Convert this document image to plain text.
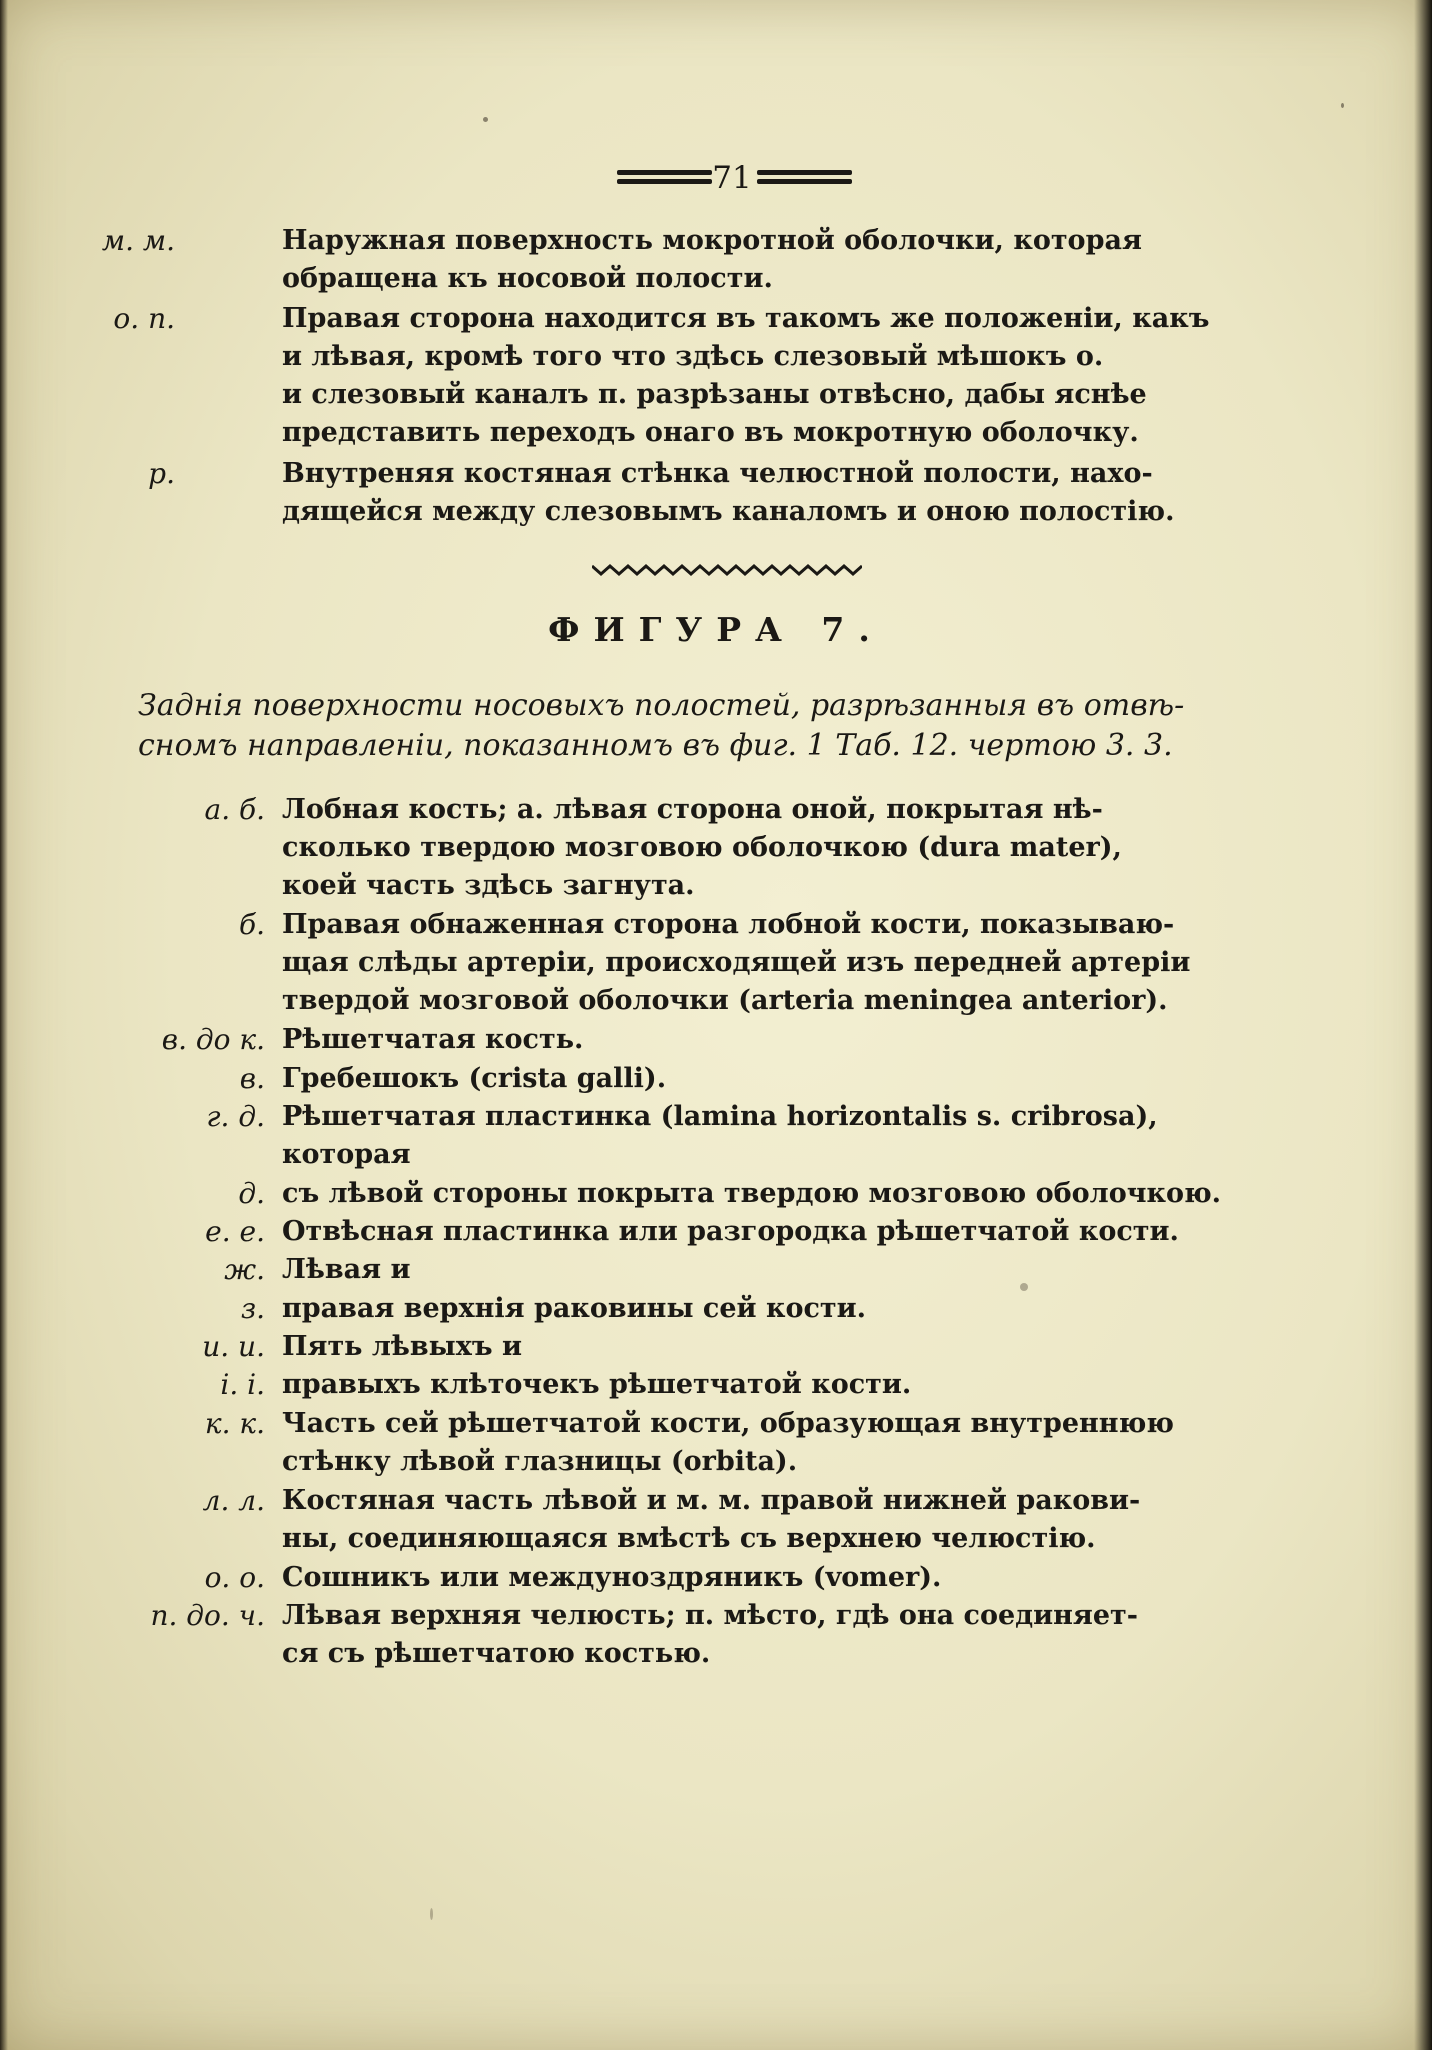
71
м. м.	Наружная поверхность мокротной оболочки, которая
обращена къ носовой полости.
о. п.	Правая сторона находится въ такомъ же положенiи, какъ
и лѣвая, кромѣ того что здѣсь слезовый мѣшокъ о.
и слезовый каналъ п. разрѣзаны отвѣсно, дабы яснѣе
представить переходъ онаго въ мокротную оболочку.
р.	Внутреняя костяная стѣнка челюстной полости, нахо-
дящейся между слезовымъ каналомъ и оною полостiю.
ФИГУРА 7.
Заднiя поверхности носовыхъ полостей, разрѣзанныя въ отвѣ-
сномъ направленiи, показанномъ въ фиг. 1 Таб. 12. чертою 3. 3.
а. б. Лобная кость; а. лѣвая сторона оной, покрытая нѣ-
сколько твердою мозговою оболочкою (dura mater),
коей часть здѣсь загнута.
б. Правая обнаженная сторона лобной кости, показываю-
щая слѣды артерiи, происходящей изъ передней артерiи
твердой мозговой оболочки (arteria meningea anterior).
в. до к. Рѣшетчатая кость.
в. Гребешокъ (crista galli).
г. д. Рѣшетчатая пластинка (lamina horizontalis s. cribrosa),
которая
д. съ лѣвой стороны покрыта твердою мозговою оболочкою.
е. е. Отвѣсная пластинка или разгородка рѣшетчатой кости.
ж. Лѣвая и
з. правая верхнiя раковины сей кости.
и. и. Пять лѣвыхъ и
i. i. правыхъ клѣточекъ рѣшетчатой кости.
к. к. Часть сей рѣшетчатой кости, образующая внутреннюю
стѣнку лѣвой глазницы (orbita).
л. л. Костяная часть лѣвой и м. м. правой нижней ракови-
ны, соединяющаяся вмѣстѣ съ верхнею челюстiю.
о. о. Сошникъ или междуноздряникъ (vomer).
п. до. ч. Лѣвая верхняя челюсть; п. мѣсто, гдѣ она соединяет-
ся съ рѣшетчатою костью.
